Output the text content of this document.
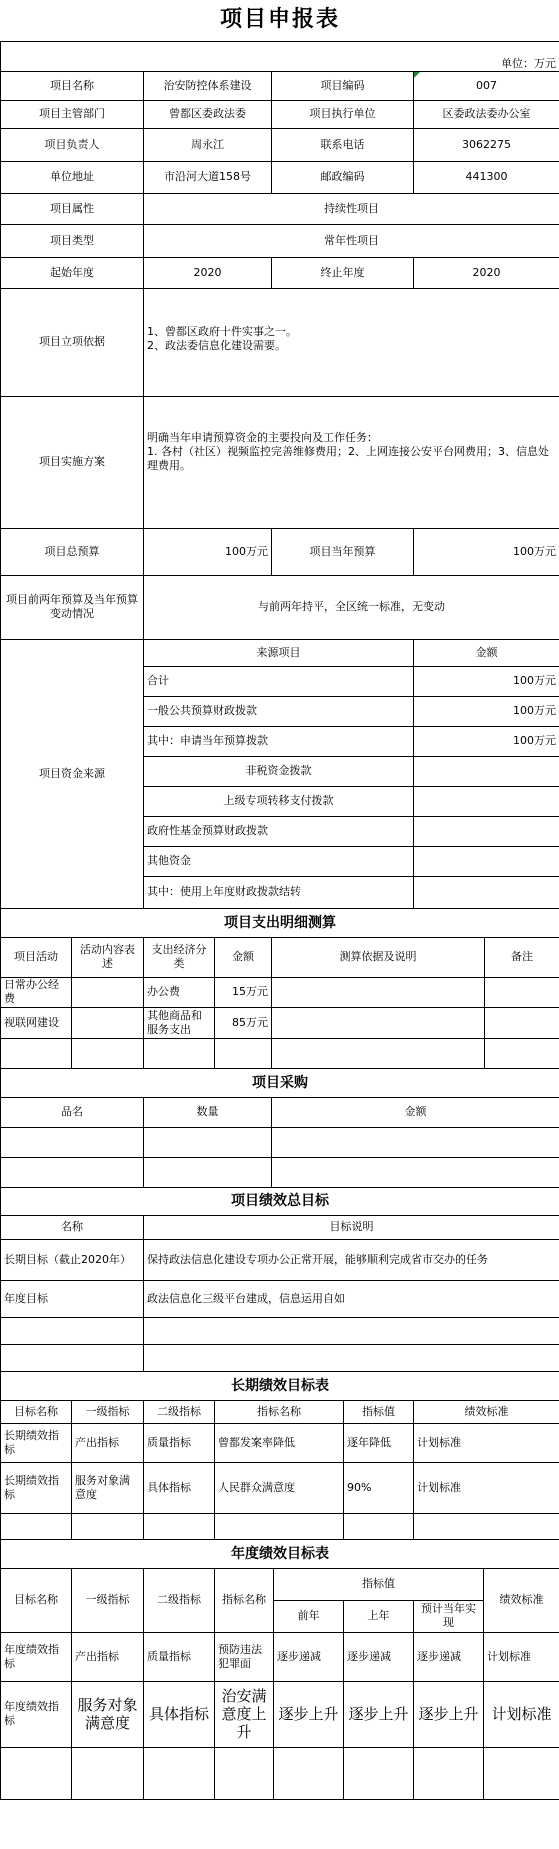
项目申报表			
单位：万元			
项目名称	治安防控体系建设	项目编码	007
项目主管部门	曾都区委政法委	项目执行单位	区委政法委办公室
项目负责人	周永江	联系电话	3062275
单位地址	市沿河大道158号	邮政编码	441300
项目属性	持续性项目		
项目类型	常年性项目		
起始年度	2020	终止年度	2020
项目立项依据	1、曾都区政府十件实事之一。
2、政法委信息化建设需要。		
项目实施方案	明确当年申请预算资金的主要投向及工作任务：
1. 各村（社区）视频监控完善维修费用；2、上网连接公安平台网费用；3、信息处理费用。		
项目总预算	100万元	项目当年预算	100万元
项目前两年预算及当年预算变动情况	与前两年持平，全区统一标准，无变动		
项目资金来源	来源项目	金额
	合计	100万元
	一般公共预算财政拨款	100万元
	其中：申请当年预算拨款	100万元
	非税资金拨款	
	上级专项转移支付拨款	
	政府性基金预算财政拨款	
	其他资金	
	其中：使用上年度财政拨款结转	
项目支出明细测算					
项目活动	活动内容表述	支出经济分类	金额	测算依据及说明	备注
日常办公经费		办公费	15万元		
视联网建设		其他商品和服务支出	85万元		

项目采购		
品名	数量	金额

项目绩效总目标	
名称	目标说明
长期目标（截止2020年）	保持政法信息化建设专项办公正常开展，能够顺利完成省市交办的任务
年度目标	政法信息化三级平台建成，信息运用自如

长期绩效目标表					
目标名称	一级指标	二级指标	指标名称	指标值	绩效标准
长期绩效指标	产出指标	质量指标	曾都发案率降低	逐年降低	计划标准
长期绩效指标	服务对象满意度	具体指标	人民群众满意度	90%	计划标准

年度绩效目标表							
目标名称	一级指标	二级指标	指标名称	指标值			绩效标准
				前年	上年	预计当年实现	
年度绩效指标	产出指标	质量指标	预防违法犯罪面	逐步递减	逐步递减	逐步递减	计划标准
年度绩效指标	服务对象满意度	具体指标	治安满意度上升	逐步上升	逐步上升	逐步上升	计划标准
